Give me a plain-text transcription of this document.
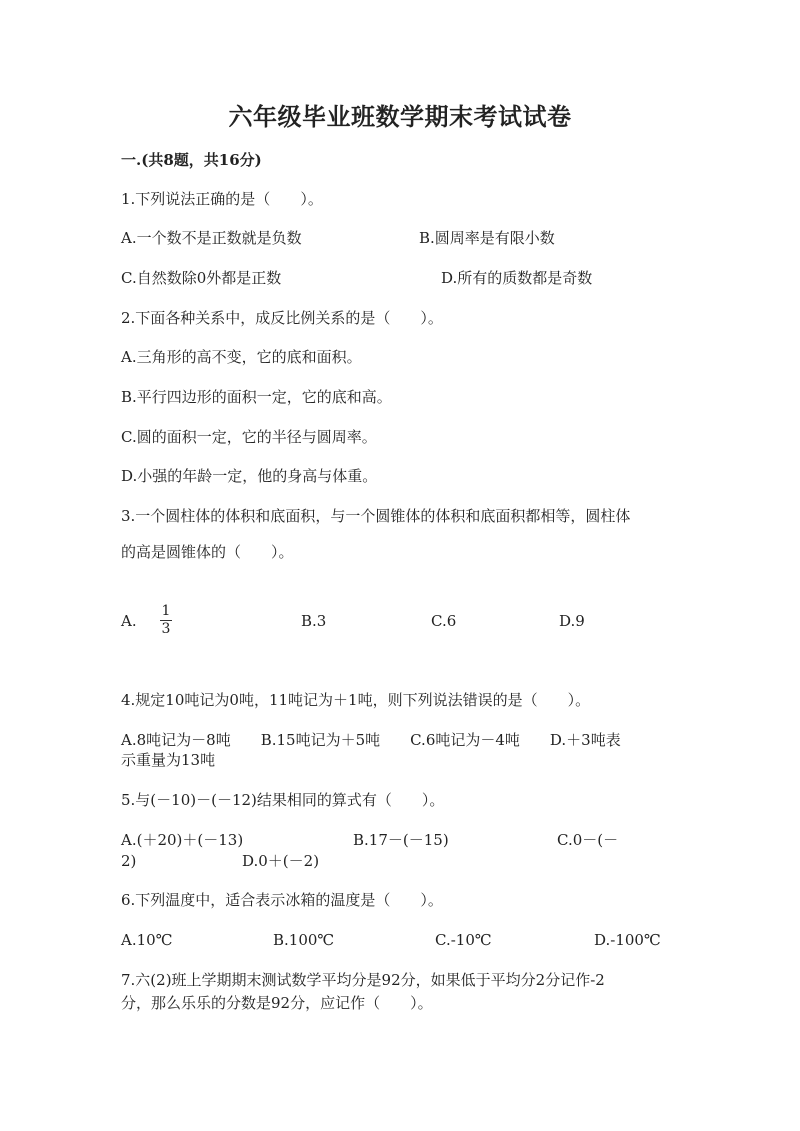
六年级毕业班数学期末考试试卷
一.(共8题，共16分)
1.下列说法正确的是（　　）。
A.一个数不是正数就是负数	B.圆周率是有限小数
C.自然数除0外都是正数	D.所有的质数都是奇数
2.下面各种关系中，成反比例关系的是（　　）。
A.三角形的高不变，它的底和面积。
B.平行四边形的面积一定，它的底和高。
C.圆的面积一定，它的半径与圆周率。
D.小强的年龄一定，他的身高与体重。
3.一个圆柱体的体积和底面积，与一个圆锥体的体积和底面积都相等，圆柱体
的高是圆锥体的（　　）。
A.
1
3	B.3	C.6	D.9
4.规定10吨记为0吨，11吨记为＋1吨，则下列说法错误的是（　　）。
A.8吨记为－8吨　　B.15吨记为＋5吨　　C.6吨记为－4吨　　D.＋3吨表
示重量为13吨
5.与(－10)－(－12)结果相同的算式有（　　）。
A.(＋20)＋(－13)	B.17－(－15)	C.0－(－
2)	D.0＋(－2)
6.下列温度中，适合表示冰箱的温度是（　　）。
A.10℃	B.100℃	C.-10℃	D.-100℃
7.六(2)班上学期期末测试数学平均分是92分，如果低于平均分2分记作-2
分，那么乐乐的分数是92分，应记作（　　）。
